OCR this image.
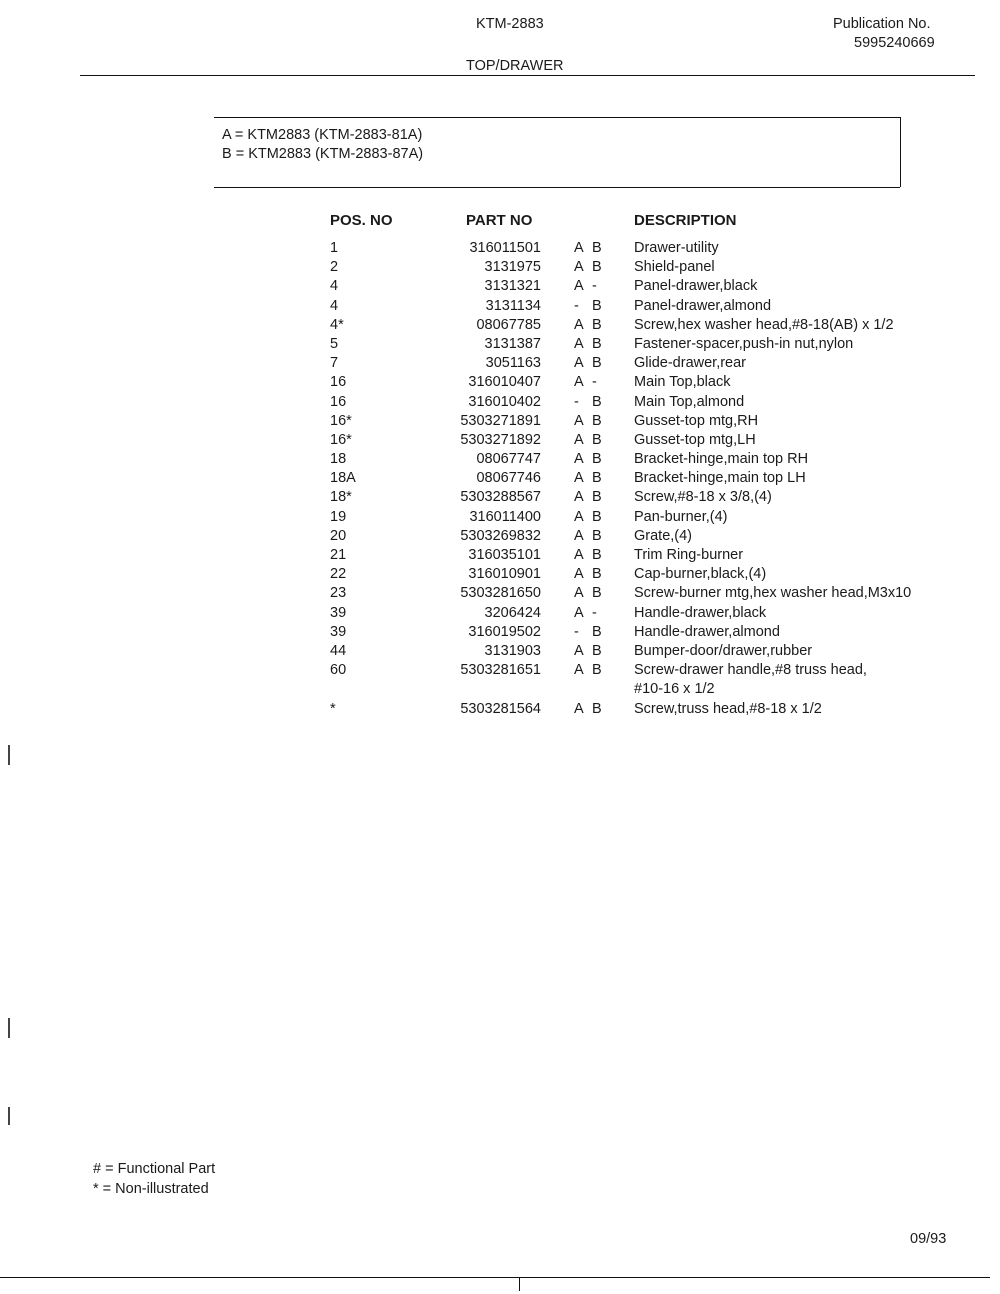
KTM-2883	Publication No.
5995240669
TOP/DRAWER
A = KTM2883 (KTM-2883-81A)
B = KTM2883 (KTM-2883-87A)
POS. NO	PART NO	DESCRIPTION
1	316011501 A B Drawer-utility
2	3131975 A B Shield-panel
4	3131321 A -	Panel-drawer,black
4	3131134 - B Panel-drawer,almond
4*	08067785 A B Screw,hex washer head,#8-18(AB) x 1/2
5	3131387 A B Fastener-spacer,push-in nut,nylon
7	3051163 A B Glide-drawer,rear
16	316010407 A -	Main Top,black
16	316010402 - B Main Top,almond
16*	5303271891 A B Gusset-top mtg,RH
16*	5303271892 A B Gusset-top mtg,LH
18	08067747 A B Bracket-hinge,main top RH
18A	08067746 A B Bracket-hinge,main top LH
18*	5303288567 A B Screw,#8-18 x 3/8,(4)
19	316011400 A B Pan-burner,(4)
20	5303269832 A B Grate,(4)
21	316035101 A B Trim Ring-burner
22	316010901 A B Cap-burner,black,(4)
23	5303281650 A B Screw-burner mtg,hex washer head,M3x10
39	3206424 A -	Handle-drawer,black
39	316019502 - B Handle-drawer,almond
44	3131903 A B Bumper-door/drawer,rubber
60	5303281651 A B Screw-drawer handle,#8 truss head,
#10-16 x 1/2
*	5303281564 A B Screw,truss head,#8-18 x 1/2
# = Functional Part
* = Non-illustrated
09/93
